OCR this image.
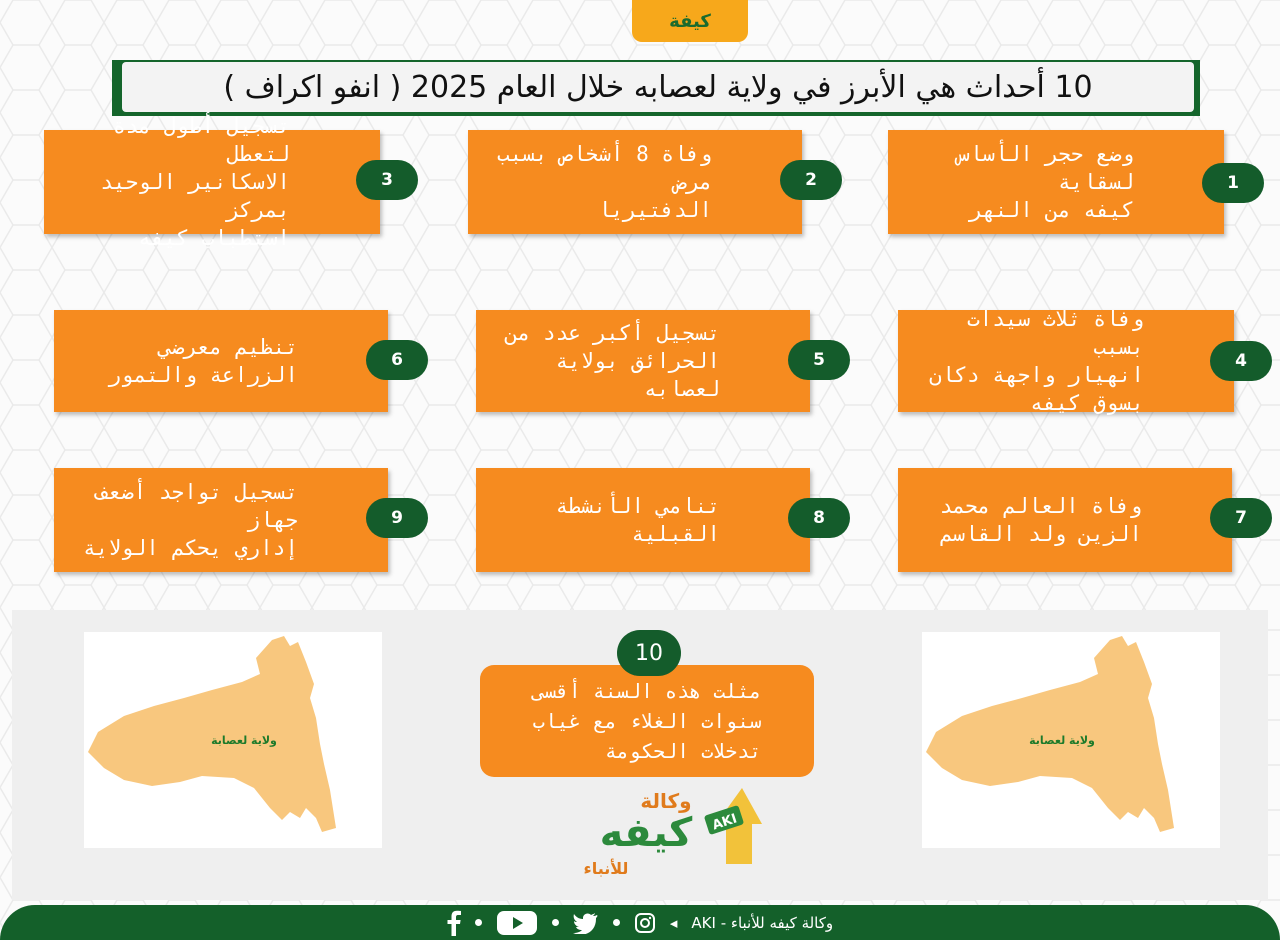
كيفة
10 أحداث هي الأبرز في ولاية لعصابه خلال العام 2025 ( انفو اكراف )
وضع حجر الأساس لسقاية
كيفه من النهر
1
وفاة 8 أشخاص بسبب مرض
الدفتيريا
2
تسجيل أطول مدة لتعطل
الاسكانير الوحيد بمركز
استطباب كيفه
3
وفاة ثلاث سيدات بسبب
انهيار واجهة دكان
بسوق كيفه
4
تسجيل أكبر عدد من
الحرائق بولاية لعصابه
5
تنظيم معرضي
الزراعة والتمور
6
وفاة العالم محمد
الزين ولد القاسم
7
تنامي الأنشطة القبلية
8
تسجيل تواجد أضعف جهاز
إداري يحكم الولاية
9
ولاية لعصابة	ولاية لعصابة
مثلت هذه السنة أقسى
سنوات الغلاء مع غياب
تدخلات الحكومة
10
AKI
وكالة
كيفه
للأنباء
وكالة كيفه للأنباء - AKI
◂
